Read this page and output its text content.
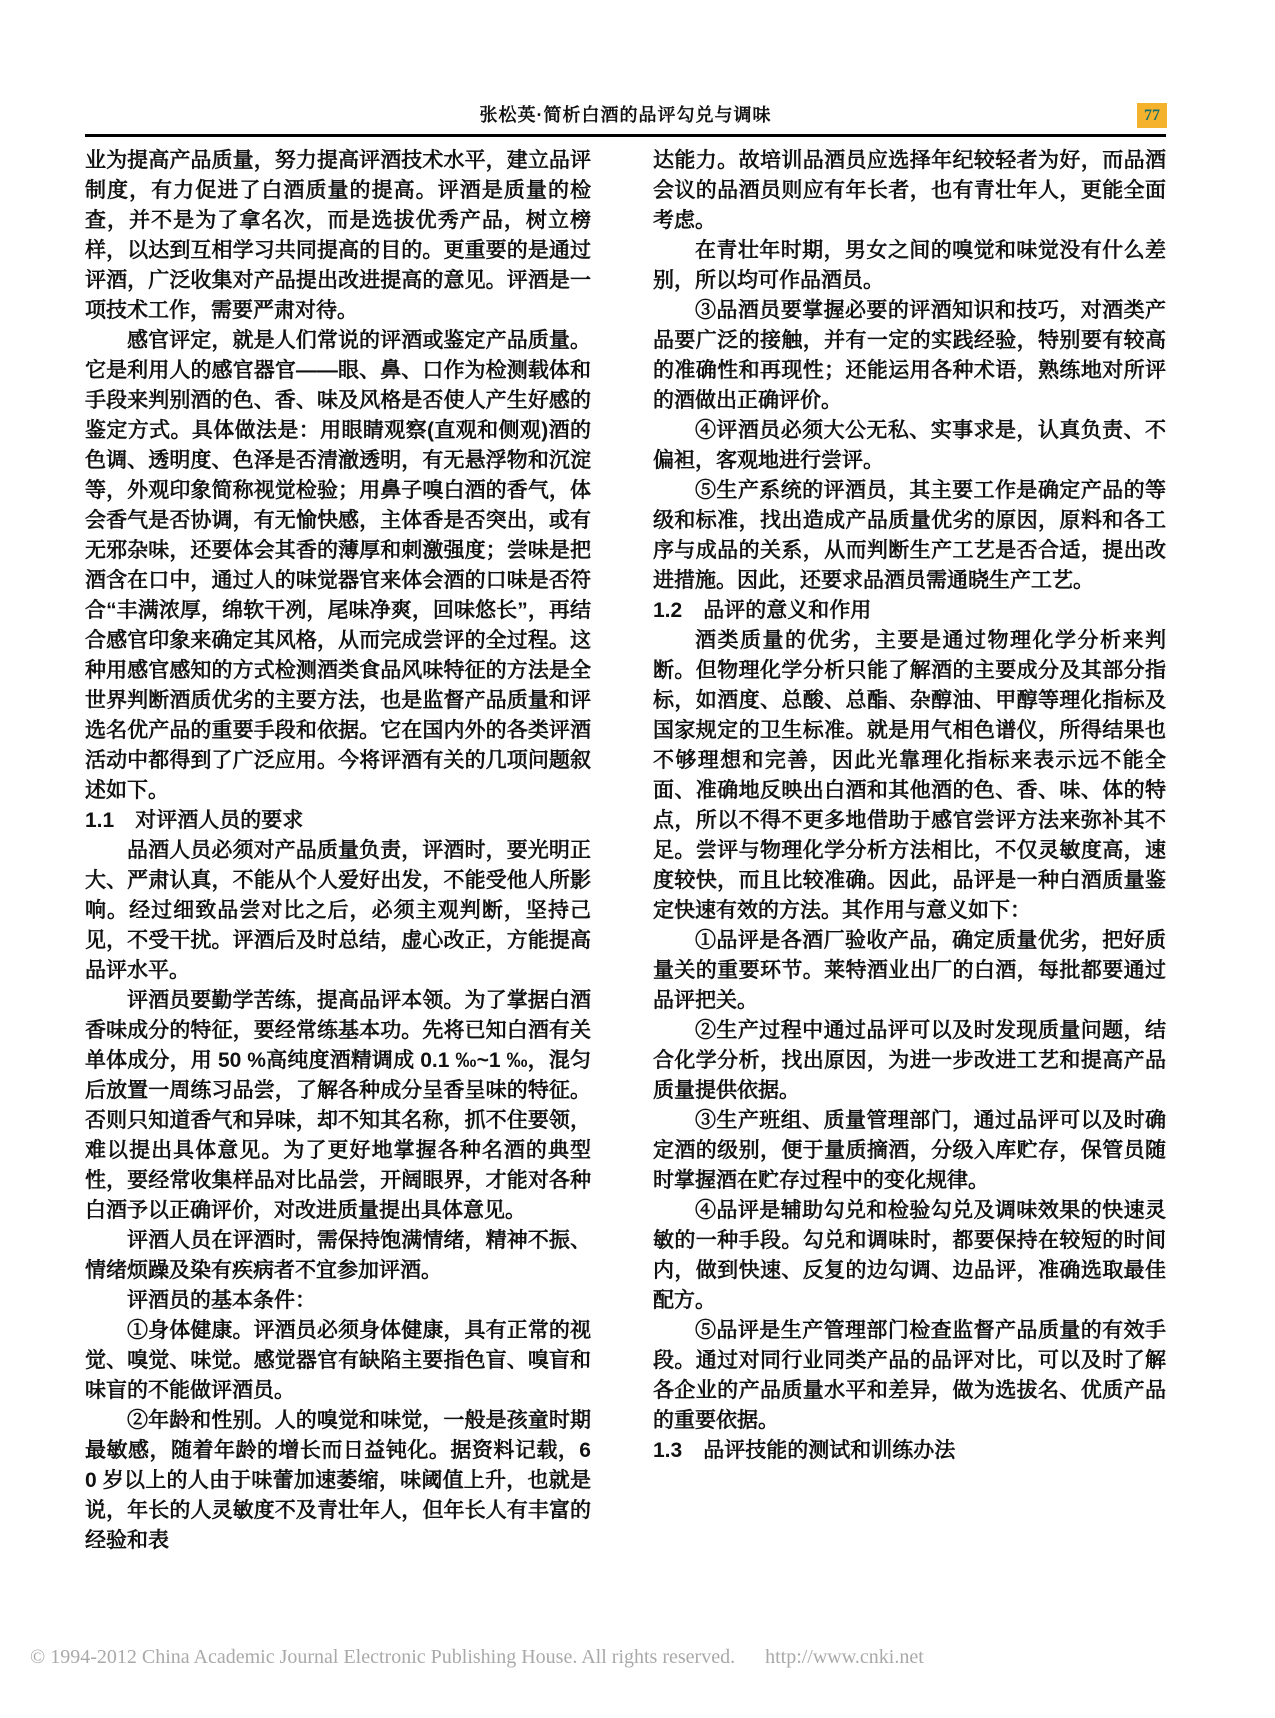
张松英·简析白酒的品评勾兑与调味	77
业为提高产品质量，努力提高评酒技术水平，建立品评制度，有力促进了白酒质量的提高。评酒是质量的检查，并不是为了拿名次，而是选拔优秀产品，树立榜样，以达到互相学习共同提高的目的。更重要的是通过评酒，广泛收集对产品提出改进提高的意见。评酒是一项技术工作，需要严肃对待。
感官评定，就是人们常说的评酒或鉴定产品质量。它是利用人的感官器官——眼、鼻、口作为检测载体和手段来判别酒的色、香、味及风格是否使人产生好感的鉴定方式。具体做法是：用眼睛观察(直观和侧观)酒的色调、透明度、色泽是否清澈透明，有无悬浮物和沉淀等，外观印象简称视觉检验；用鼻子嗅白酒的香气，体会香气是否协调，有无愉快感，主体香是否突出，或有无邪杂味，还要体会其香的薄厚和刺激强度；尝味是把酒含在口中，通过人的味觉器官来体会酒的口味是否符合“丰满浓厚，绵软干冽，尾味净爽，回味悠长”，再结合感官印象来确定其风格，从而完成尝评的全过程。这种用感官感知的方式检测酒类食品风味特征的方法是全世界判断酒质优劣的主要方法，也是监督产品质量和评选名优产品的重要手段和依据。它在国内外的各类评酒活动中都得到了广泛应用。今将评酒有关的几项问题叙述如下。
1.1　对评酒人员的要求
品酒人员必须对产品质量负责，评酒时，要光明正大、严肃认真，不能从个人爱好出发，不能受他人所影响。经过细致品尝对比之后，必须主观判断，坚持己见，不受干扰。评酒后及时总结，虚心改正，方能提高品评水平。
评酒员要勤学苦练，提高品评本领。为了掌据白酒香味成分的特征，要经常练基本功。先将已知白酒有关单体成分，用 50 %高纯度酒精调成 0.1 ‰~1 ‰，混匀后放置一周练习品尝，了解各种成分呈香呈味的特征。否则只知道香气和异味，却不知其名称，抓不住要领，难以提出具体意见。为了更好地掌握各种名酒的典型性，要经常收集样品对比品尝，开阔眼界，才能对各种白酒予以正确评价，对改进质量提出具体意见。
评酒人员在评酒时，需保持饱满情绪，精神不振、情绪烦躁及染有疾病者不宜参加评酒。
评酒员的基本条件：
①身体健康。评酒员必须身体健康，具有正常的视觉、嗅觉、味觉。感觉器官有缺陷主要指色盲、嗅盲和味盲的不能做评酒员。
②年龄和性别。人的嗅觉和味觉，一般是孩童时期最敏感，随着年龄的增长而日益钝化。据资料记载，60 岁以上的人由于味蕾加速萎缩，味阈值上升，也就是说，年长的人灵敏度不及青壮年人，但年长人有丰富的经验和表
达能力。故培训品酒员应选择年纪较轻者为好，而品酒会议的品酒员则应有年长者，也有青壮年人，更能全面考虑。
在青壮年时期，男女之间的嗅觉和味觉没有什么差别，所以均可作品酒员。
③品酒员要掌握必要的评酒知识和技巧，对酒类产品要广泛的接触，并有一定的实践经验，特别要有较高的准确性和再现性；还能运用各种术语，熟练地对所评的酒做出正确评价。
④评酒员必须大公无私、实事求是，认真负责、不偏袒，客观地进行尝评。
⑤生产系统的评酒员，其主要工作是确定产品的等级和标准，找出造成产品质量优劣的原因，原料和各工序与成品的关系，从而判断生产工艺是否合适，提出改进措施。因此，还要求品酒员需通晓生产工艺。
1.2　品评的意义和作用
酒类质量的优劣，主要是通过物理化学分析来判断。但物理化学分析只能了解酒的主要成分及其部分指标，如酒度、总酸、总酯、杂醇油、甲醇等理化指标及国家规定的卫生标准。就是用气相色谱仪，所得结果也不够理想和完善，因此光靠理化指标来表示远不能全面、准确地反映出白酒和其他酒的色、香、味、体的特点，所以不得不更多地借助于感官尝评方法来弥补其不足。尝评与物理化学分析方法相比，不仅灵敏度高，速度较快，而且比较准确。因此，品评是一种白酒质量鉴定快速有效的方法。其作用与意义如下：
①品评是各酒厂验收产品，确定质量优劣，把好质量关的重要环节。莱特酒业出厂的白酒，每批都要通过品评把关。
②生产过程中通过品评可以及时发现质量问题，结合化学分析，找出原因，为进一步改进工艺和提高产品质量提供依据。
③生产班组、质量管理部门，通过品评可以及时确定酒的级别，便于量质摘酒，分级入库贮存，保管员随时掌握酒在贮存过程中的变化规律。
④品评是辅助勾兑和检验勾兑及调味效果的快速灵敏的一种手段。勾兑和调味时，都要保持在较短的时间内，做到快速、反复的边勾调、边品评，准确选取最佳配方。
⑤品评是生产管理部门检查监督产品质量的有效手段。通过对同行业同类产品的品评对比，可以及时了解各企业的产品质量水平和差异，做为选拔名、优质产品的重要依据。
1.3　品评技能的测试和训练办法
© 1994-2012 China Academic Journal Electronic Publishing House. All rights reserved. http://www.cnki.net
